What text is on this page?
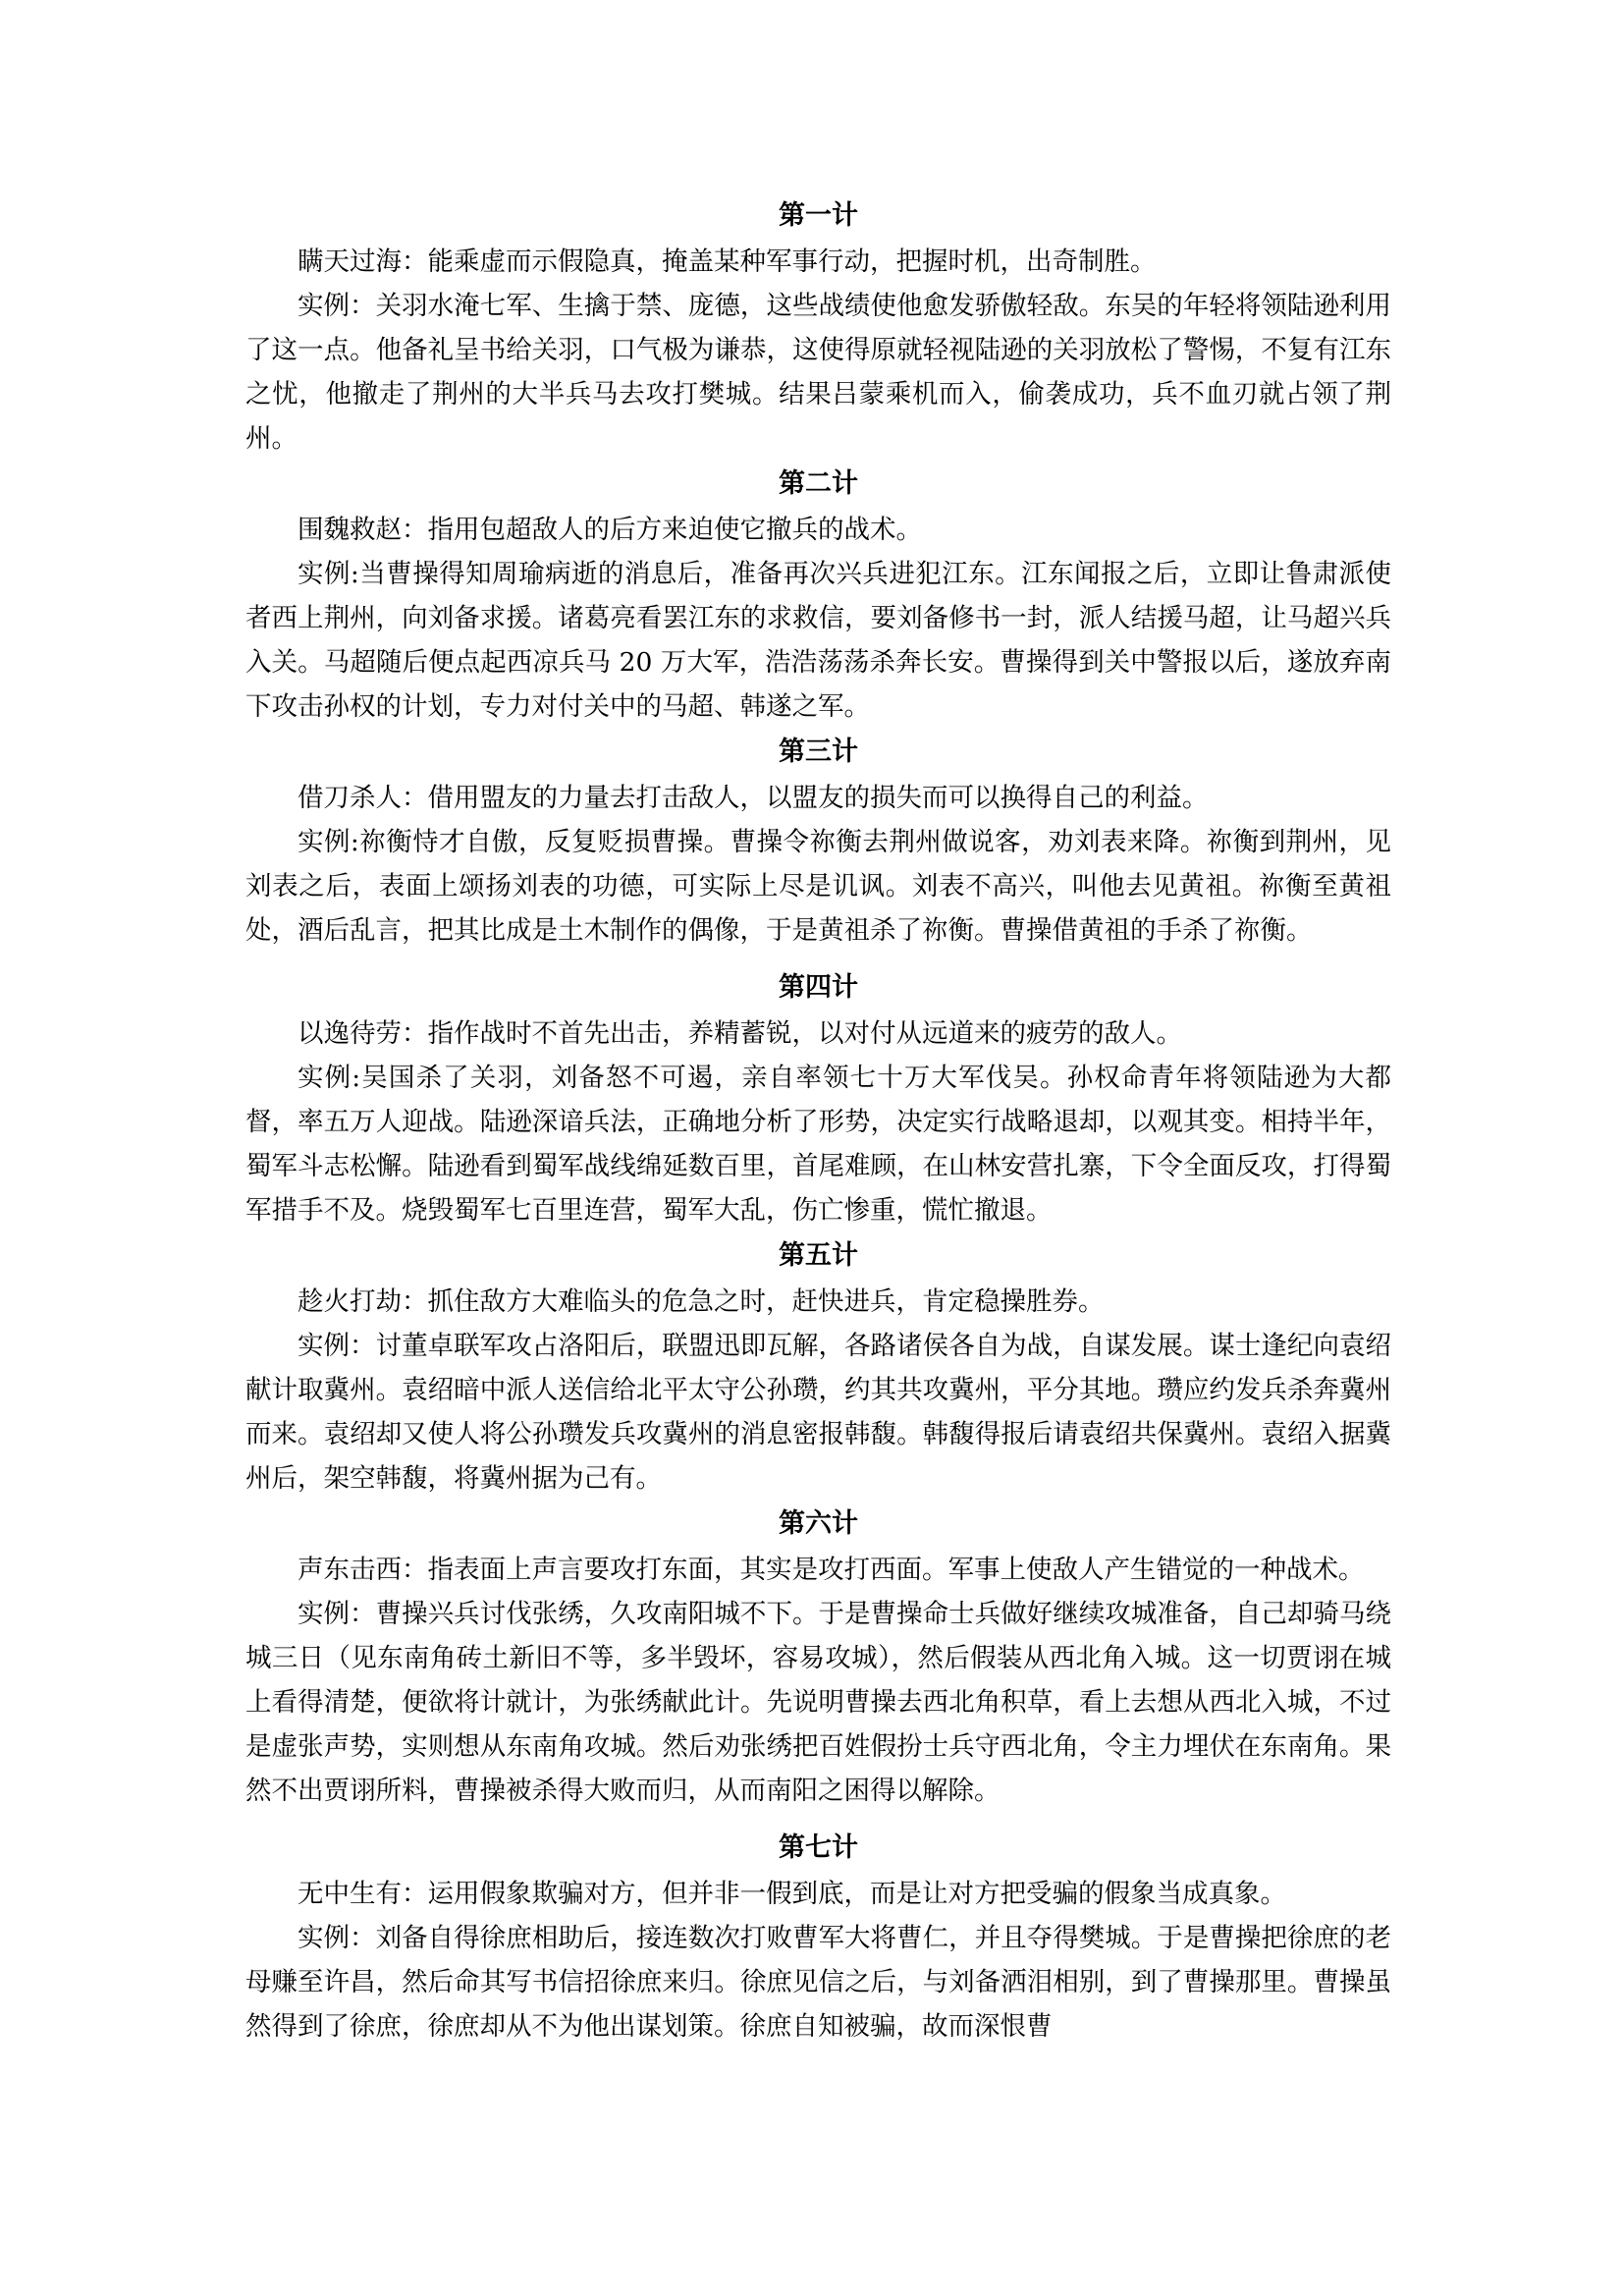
第一计

瞒天过海：能乘虚而示假隐真，掩盖某种军事行动，把握时机，出奇制胜。

实例：关羽水淹七军、生擒于禁、庞德，这些战绩使他愈发骄傲轻敌。东吴的年轻将领陆逊利用了这一点。他备礼呈书给关羽，口气极为谦恭，这使得原就轻视陆逊的关羽放松了警惕，不复有江东之忧，他撤走了荆州的大半兵马去攻打樊城。结果吕蒙乘机而入，偷袭成功，兵不血刃就占领了荆州。

第二计

围魏救赵：指用包超敌人的后方来迫使它撤兵的战术。

实例:当曹操得知周瑜病逝的消息后，准备再次兴兵进犯江东。江东闻报之后，立即让鲁肃派使者西上荆州，向刘备求援。诸葛亮看罢江东的求救信，要刘备修书一封，派人结援马超，让马超兴兵入关。马超随后便点起西凉兵马 20 万大军，浩浩荡荡杀奔长安。曹操得到关中警报以后，遂放弃南下攻击孙权的计划，专力对付关中的马超、韩遂之军。

第三计

借刀杀人：借用盟友的力量去打击敌人，以盟友的损失而可以换得自己的利益。

实例:祢衡恃才自傲，反复贬损曹操。曹操令祢衡去荆州做说客，劝刘表来降。祢衡到荆州，见刘表之后，表面上颂扬刘表的功德，可实际上尽是讥讽。刘表不高兴，叫他去见黄祖。祢衡至黄祖处，酒后乱言，把其比成是土木制作的偶像，于是黄祖杀了祢衡。曹操借黄祖的手杀了祢衡。

第四计

以逸待劳：指作战时不首先出击，养精蓄锐，以对付从远道来的疲劳的敌人。

实例:吴国杀了关羽，刘备怒不可遏，亲自率领七十万大军伐吴。孙权命青年将领陆逊为大都督，率五万人迎战。陆逊深谙兵法，正确地分析了形势，决定实行战略退却，以观其变。相持半年，蜀军斗志松懈。陆逊看到蜀军战线绵延数百里，首尾难顾，在山林安营扎寨，下令全面反攻，打得蜀军措手不及。烧毁蜀军七百里连营，蜀军大乱，伤亡惨重，慌忙撤退。

第五计

趁火打劫：抓住敌方大难临头的危急之时，赶快进兵，肯定稳操胜券。

实例：讨董卓联军攻占洛阳后，联盟迅即瓦解，各路诸侯各自为战，自谋发展。谋士逢纪向袁绍献计取冀州。袁绍暗中派人送信给北平太守公孙瓒，约其共攻冀州，平分其地。瓒应约发兵杀奔冀州而来。袁绍却又使人将公孙瓒发兵攻冀州的消息密报韩馥。韩馥得报后请袁绍共保冀州。袁绍入据冀州后，架空韩馥，将冀州据为己有。

第六计

声东击西：指表面上声言要攻打东面，其实是攻打西面。军事上使敌人产生错觉的一种战术。

实例：曹操兴兵讨伐张绣，久攻南阳城不下。于是曹操命士兵做好继续攻城准备，自己却骑马绕城三日（见东南角砖土新旧不等，多半毁坏，容易攻城），然后假装从西北角入城。这一切贾诩在城上看得清楚，便欲将计就计，为张绣献此计。先说明曹操去西北角积草，看上去想从西北入城，不过是虚张声势，实则想从东南角攻城。然后劝张绣把百姓假扮士兵守西北角，令主力埋伏在东南角。果然不出贾诩所料，曹操被杀得大败而归，从而南阳之困得以解除。

第七计

无中生有：运用假象欺骗对方，但并非一假到底，而是让对方把受骗的假象当成真象。

实例：刘备自得徐庶相助后，接连数次打败曹军大将曹仁，并且夺得樊城。于是曹操把徐庶的老母赚至许昌，然后命其写书信招徐庶来归。徐庶见信之后，与刘备洒泪相别，到了曹操那里。曹操虽然得到了徐庶，徐庶却从不为他出谋划策。徐庶自知被骗，故而深恨曹
